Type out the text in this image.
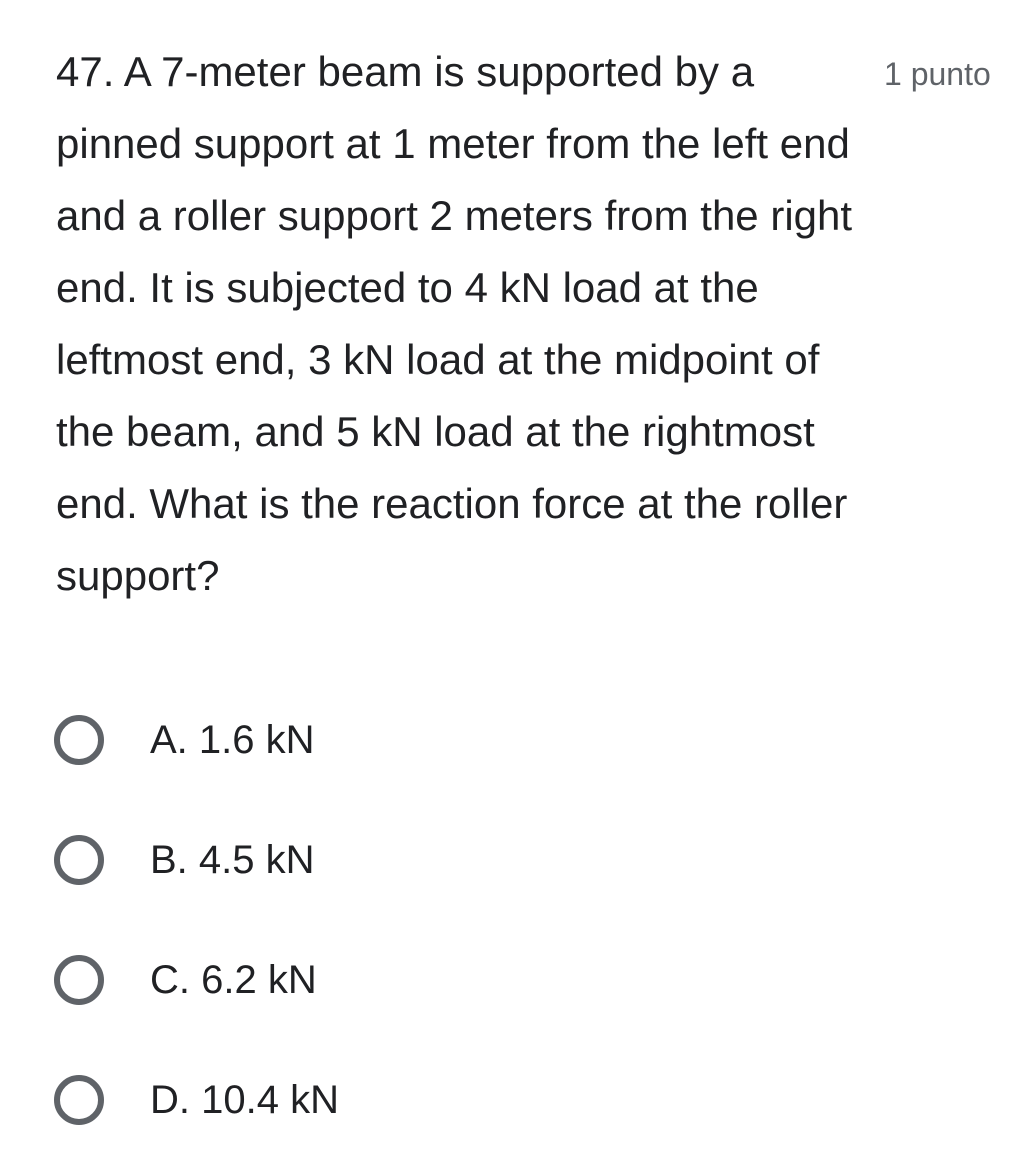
47. A 7-meter beam is supported by a pinned support at 1 meter from the left end and a roller support 2 meters from the right end. It is subjected to 4 kN load at the leftmost end, 3 kN load at the midpoint of the beam, and 5 kN load at the rightmost end. What is the reaction force at the roller support?

1 punto
A. 1.6 kN
B. 4.5 kN
C. 6.2 kN
D. 10.4 kN
